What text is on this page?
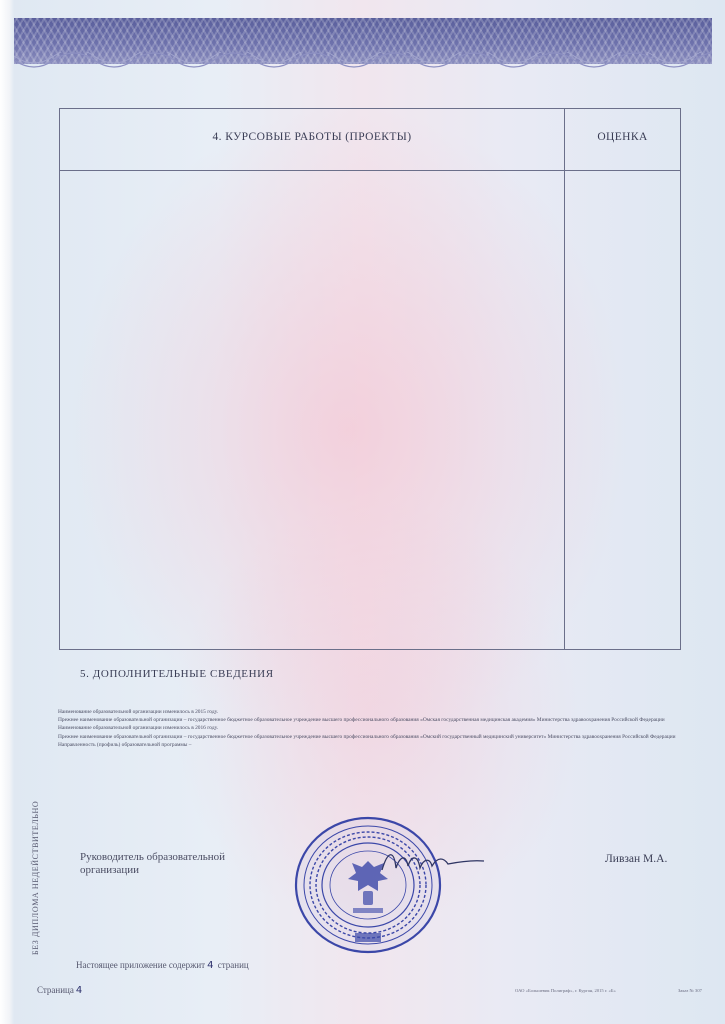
4. КУРСОВЫЕ РАБОТЫ (ПРОЕКТЫ)	ОЦЕНКА
5. ДОПОЛНИТЕЛЬНЫЕ СВЕДЕНИЯ

Наименование образовательной организации изменилось в 2015 году.

Прежнее наименование образовательной организации – государственное бюджетное образовательное учреждение высшего профессионального образования «Омская государственная медицинская академия» Министерства здравоохранения Российской Федерации

Наименование образовательной организации изменилось в 2016 году.

Прежнее наименование образовательной организации – государственное бюджетное образовательное учреждение высшего профессионального образования «Омский государственный медицинский университет» Министерства здравоохранения Российской Федерации

Направленность (профиль) образовательной программы –

БЕЗ ДИПЛОМА НЕДЕЙСТВИТЕЛЬНО	Руководитель образовательной организации
Ливзан М.А.
Настоящее приложение содержит 4 страниц
Страница 4	ОАО «Большевик Полиграф», г. Курган, 2015 г. «Б»	Заказ № 307
